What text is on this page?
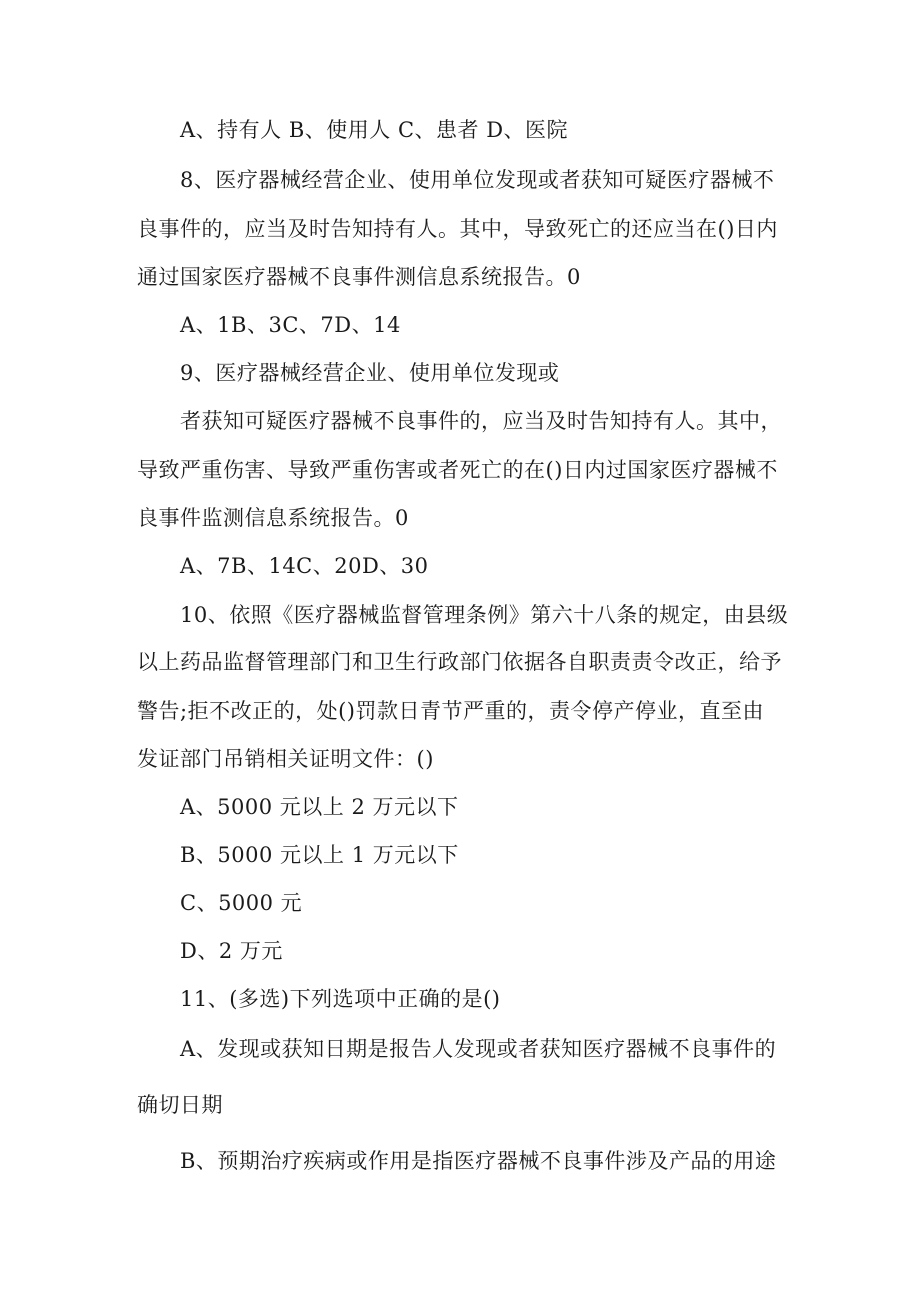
A、持有人 B、使用人 C、患者 D、医院
8、医疗器械经营企业、使用单位发现或者获知可疑医疗器械不
良事件的，应当及时告知持有人。其中，导致死亡的还应当在()日内
通过国家医疗器械不良事件测信息系统报告。0
A、1B、3C、7D、14
9、医疗器械经营企业、使用单位发现或
者获知可疑医疗器械不良事件的，应当及时告知持有人。其中，
导致严重伤害、导致严重伤害或者死亡的在()日内过国家医疗器械不
良事件监测信息系统报告。0
A、7B、14C、20D、30
10、依照《医疗器械监督管理条例》第六十八条的规定，由县级
以上药品监督管理部门和卫生行政部门依据各自职责责令改正，给予
警告;拒不改正的，处()罚款日青节严重的，责令停产停业，直至由
发证部门吊销相关证明文件：()
A、5000 元以上 2 万元以下
B、5000 元以上 1 万元以下
C、5000 元
D、2 万元
11、(多选)下列选项中正确的是()
A、发现或获知日期是报告人发现或者获知医疗器械不良事件的
确切日期
B、预期治疗疾病或作用是指医疗器械不良事件涉及产品的用途
